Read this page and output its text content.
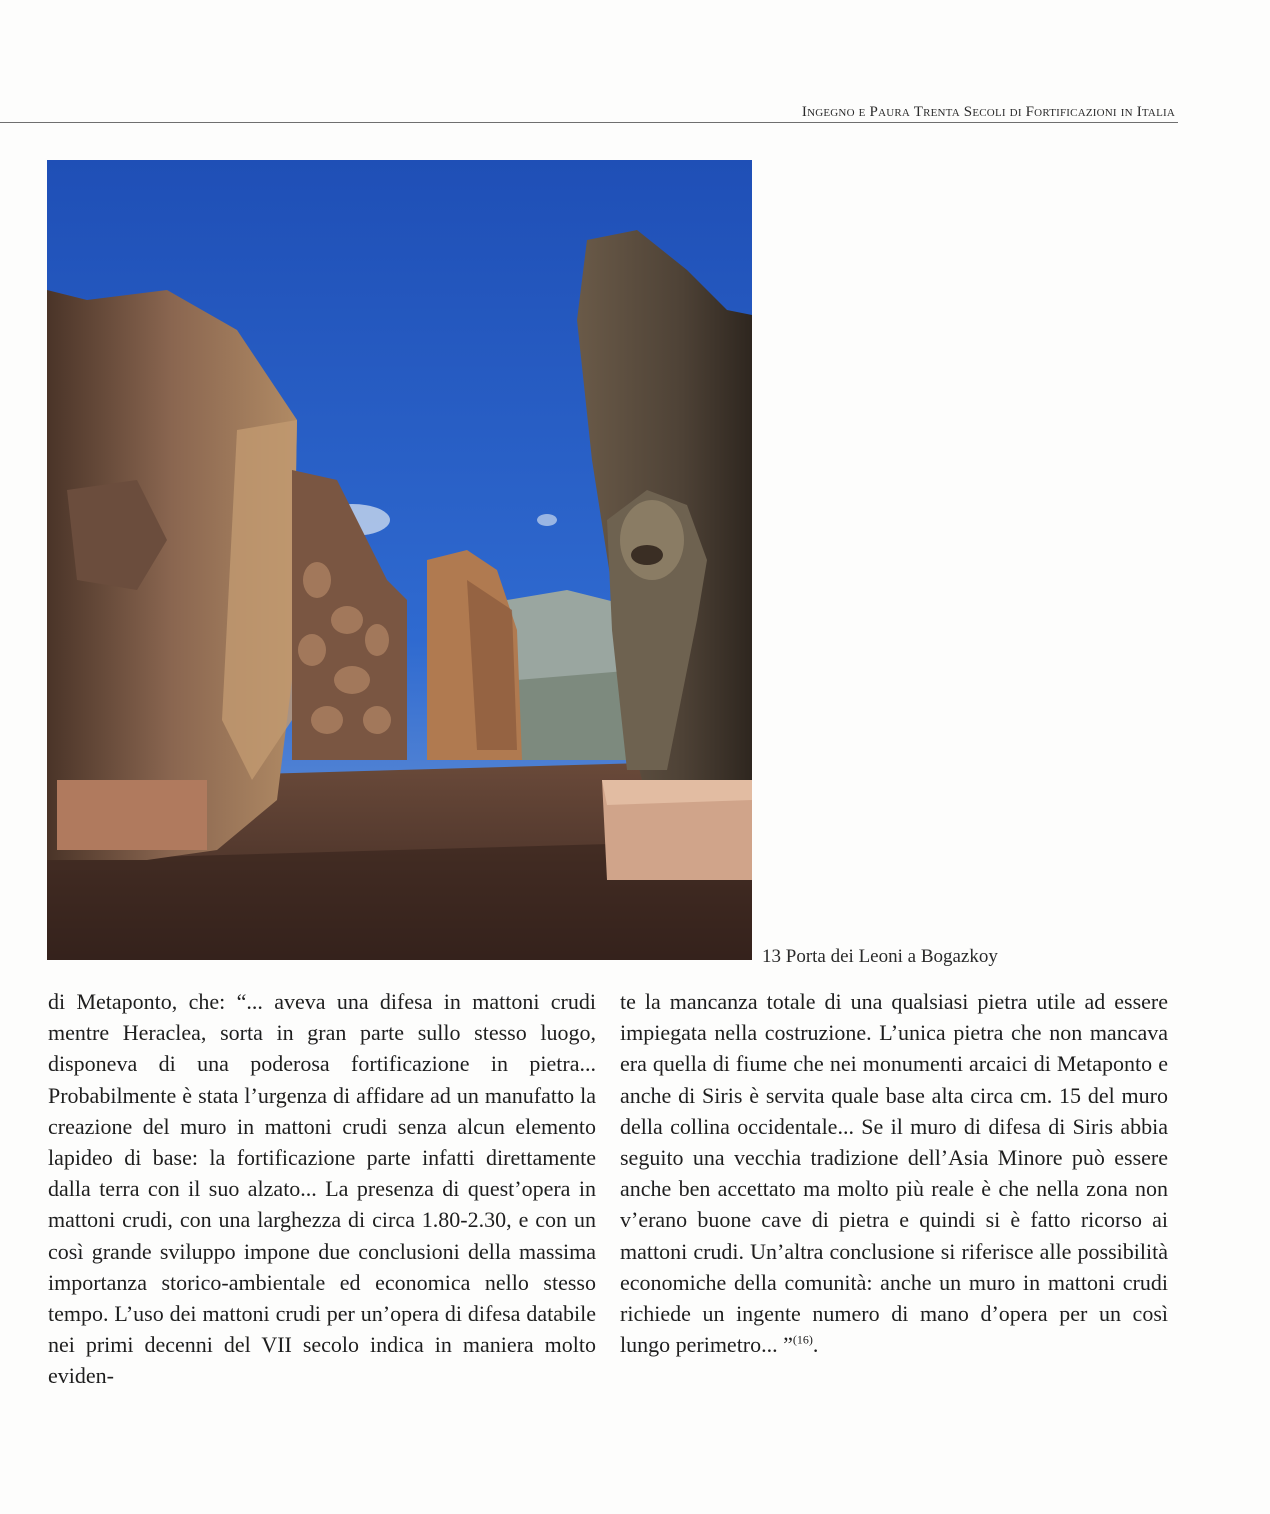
Ingegno e Paura Trenta Secoli di Fortificazioni in Italia
13 Porta dei Leoni a Bogazkoy

di Metaponto, che: “... aveva una difesa in mattoni crudi mentre Heraclea, sorta in gran parte sullo stesso luogo, disponeva di una poderosa fortificazione in pietra... Probabilmente è stata l’urgenza di affidare ad un manufatto la creazione del muro in mattoni crudi senza alcun elemento lapideo di base: la fortificazione parte infatti direttamente dalla terra con il suo alzato... La presenza di quest’opera in mattoni crudi, con una larghezza di circa 1.80-2.30, e con un così grande sviluppo impone due conclusioni della massima importanza storico-ambientale ed economica nello stesso tempo. L’uso dei mattoni crudi per un’opera di difesa databile nei primi decenni del VII secolo indica in maniera molto eviden-

te la mancanza totale di una qualsiasi pietra utile ad essere impiegata nella costruzione. L’unica pietra che non mancava era quella di fiume che nei monumenti arcaici di Metaponto e anche di Siris è servita quale base alta circa cm. 15 del muro della collina occidentale... Se il muro di difesa di Siris abbia seguito una vecchia tradizione dell’Asia Minore può essere anche ben accettato ma molto più reale è che nella zona non v’erano buone cave di pietra e quindi si è fatto ricorso ai mattoni crudi. Un’altra conclusione si riferisce alle possibilità economiche della comunità: anche un muro in mattoni crudi richiede un ingente numero di mano d’opera per un così lungo perimetro... ”$^{(16)}$.
